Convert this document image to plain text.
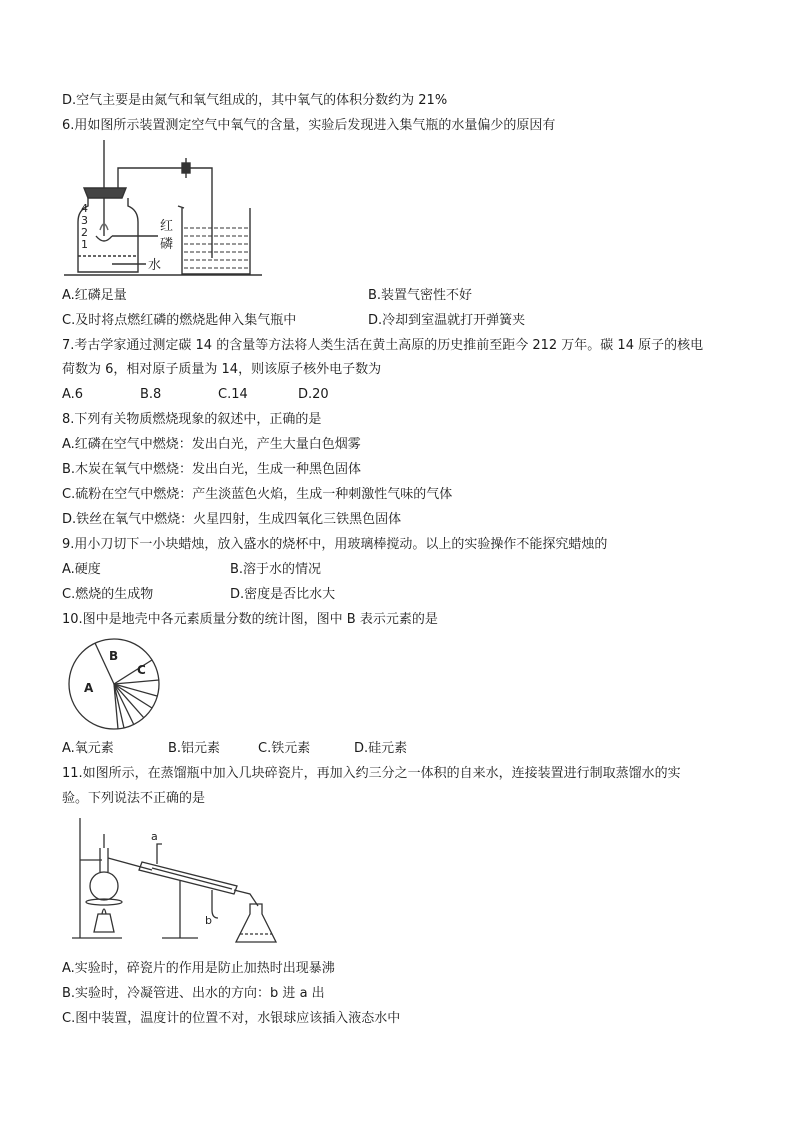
D.空气主要是由氮气和氧气组成的，其中氧气的体积分数约为 21%
6.用如图所示装置测定空气中氧气的含量，实验后发现进入集气瓶的水量偏少的原因有
4
3
2
1
红
磷
水
A.红磷足量	B.装置气密性不好
C.及时将点燃红磷的燃烧匙伸入集气瓶中	D.冷却到室温就打开弹簧夹
7.考古学家通过测定碳 14 的含量等方法将人类生活在黄土高原的历史推前至距今 212 万年。碳 14 原子的核电
荷数为 6，相对原子质量为 14，则该原子核外电子数为
A.6	B.8	C.14	D.20
8.下列有关物质燃烧现象的叙述中，正确的是
A.红磷在空气中燃烧：发出白光，产生大量白色烟雾
B.木炭在氧气中燃烧：发出白光，生成一种黑色固体
C.硫粉在空气中燃烧：产生淡蓝色火焰，生成一种刺激性气味的气体
D.铁丝在氧气中燃烧：火星四射，生成四氧化三铁黑色固体
9.用小刀切下一小块蜡烛，放入盛水的烧杯中，用玻璃棒搅动。以上的实验操作不能探究蜡烛的
A.硬度	B.溶于水的情况
C.燃烧的生成物	D.密度是否比水大
10.图中是地壳中各元素质量分数的统计图，图中 B 表示元素的是
A
B
C
A.氧元素	B.铝元素	C.铁元素	D.硅元素
11.如图所示，在蒸馏瓶中加入几块碎瓷片，再加入约三分之一体积的自来水，连接装置进行制取蒸馏水的实
验。下列说法不正确的是
a
b
A.实验时，碎瓷片的作用是防止加热时出现暴沸
B.实验时，冷凝管进、出水的方向：b 进 a 出
C.图中装置，温度计的位置不对，水银球应该插入液态水中
